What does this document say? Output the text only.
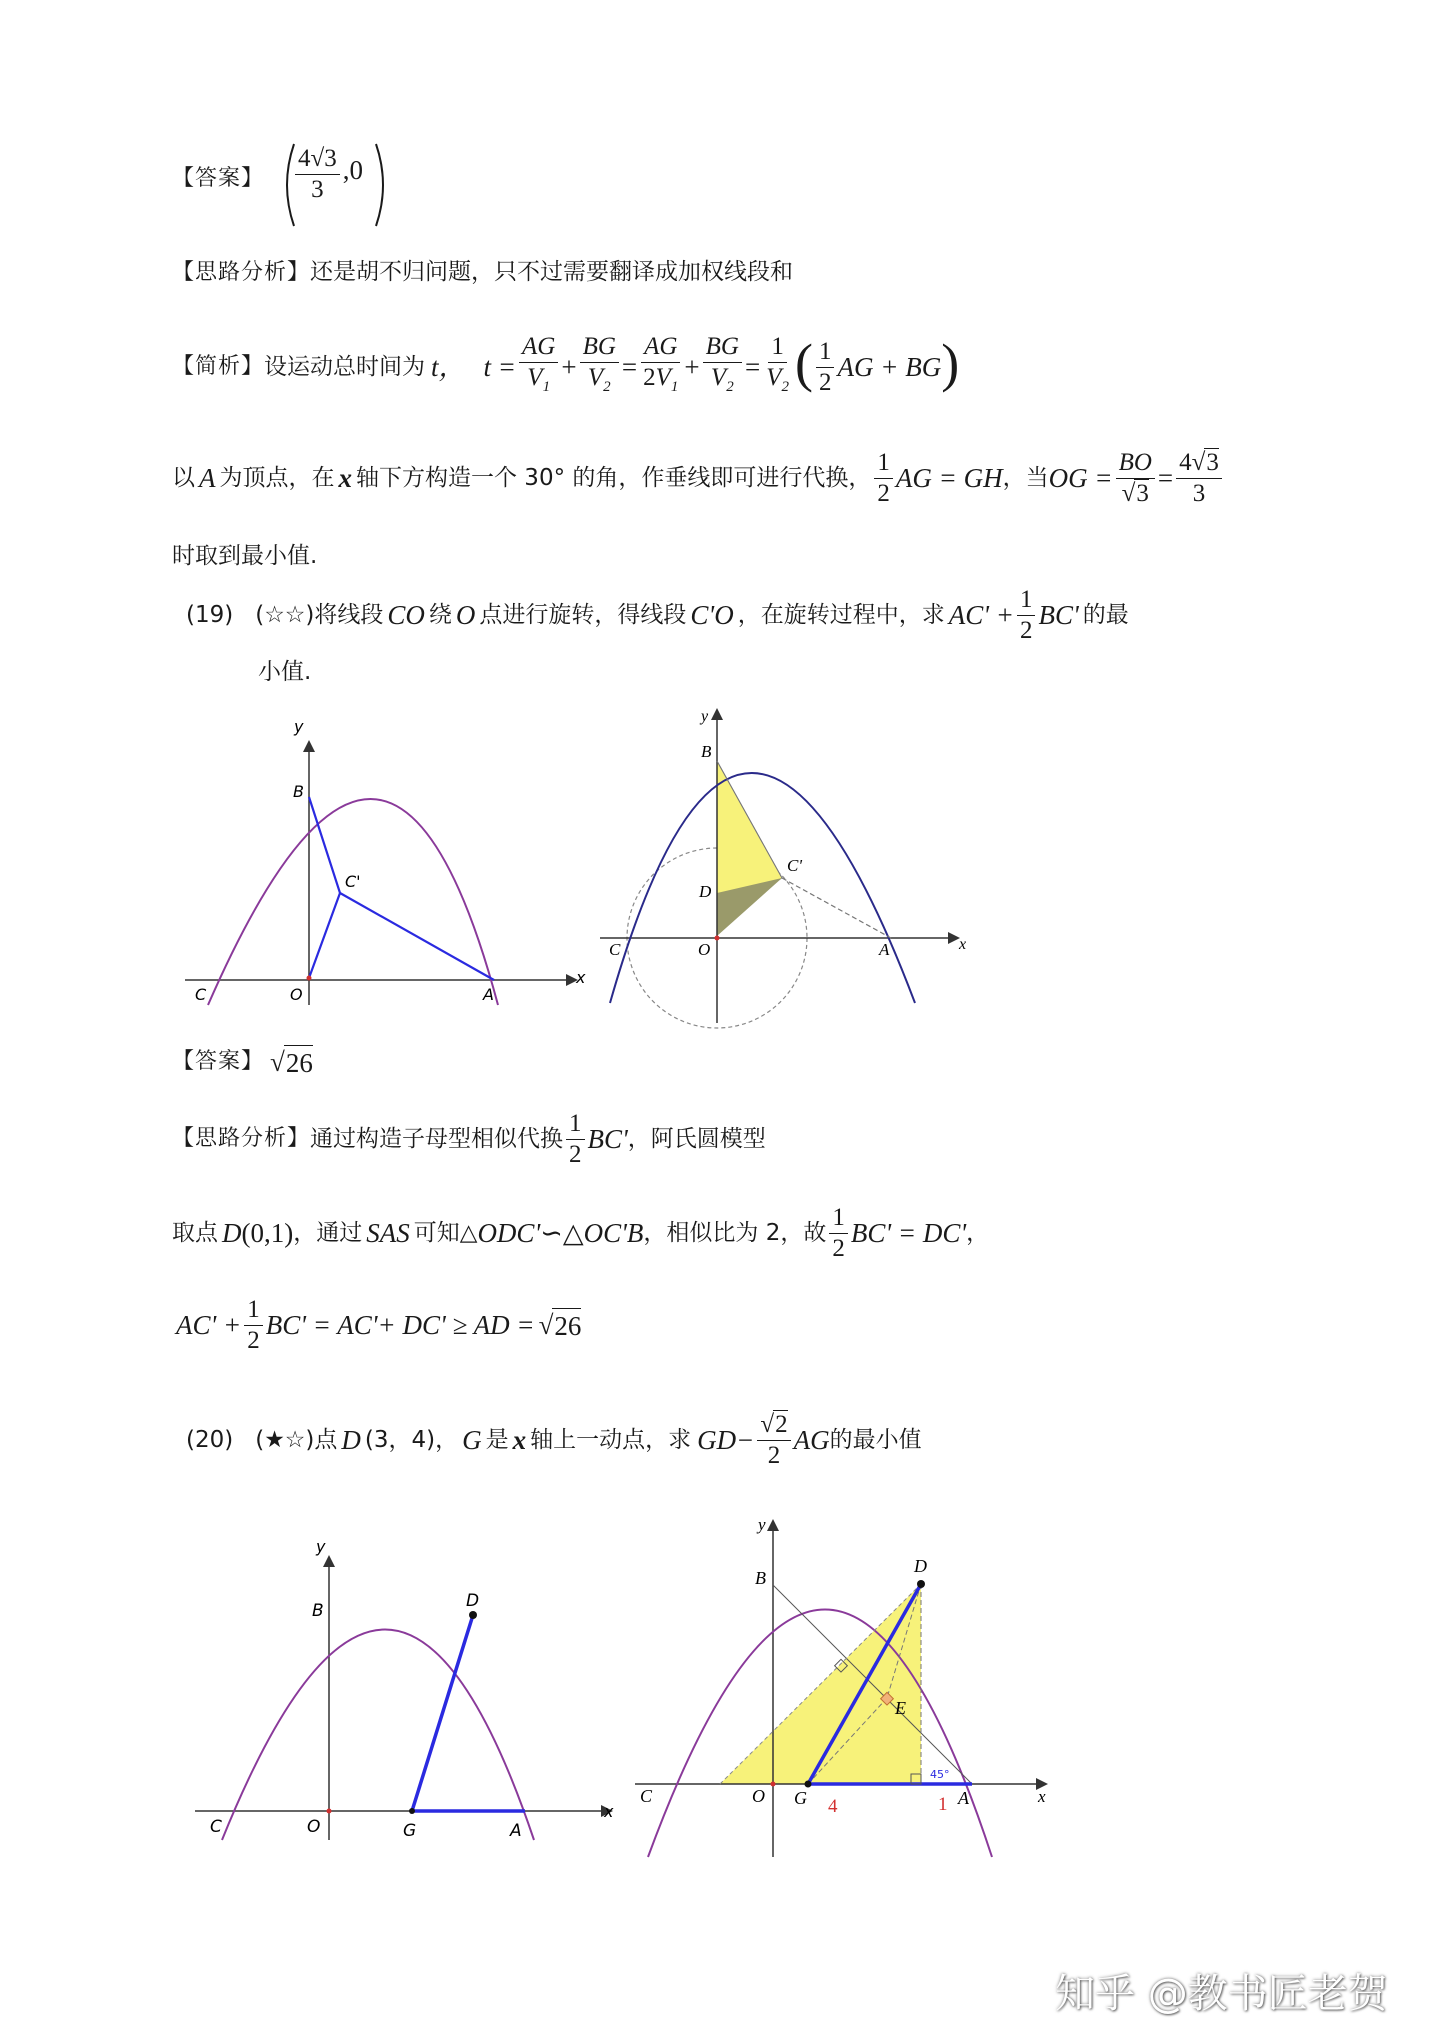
【答案】 $\frac{4√3}{3} ,0$
【思路分析】还是胡不归问题，只不过需要翻译成加权线段和
【简析】 设运动总时间为 t， $t = \frac{AG}{V_1} + \frac{BG}{V_2} = \frac{AG}{2V_1} + \frac{BG}{V_2} = \frac{1}{V_2}$ ( $\frac{1}{2}$ AG + BG )
以 A 为顶点，在 x 轴下方构造一个 30° 的角，作垂线即可进行代换， $\frac{1}{2}$ AG = GH ，当 OG = $\frac{BO}{√3} = \frac{4√3}{3}$
时取到最小值.
(19) (☆☆) 将线段 CO 绕 O 点进行旋转，得线段 C'O ，在旋转过程中，求 $AC' + \frac{1}{2} BC'$ 的最
小值.
y
x
B
C'
C	O	A
y
x
B
C'
D
C	O	A
【答案】 √ 26
【思路分析】 通过构造子母型相似代换 $\frac{1}{2} BC'$ ，阿氏圆模型
取点 D (0,1) ，通过 SAS 可知△ ODC' ∽△ OC'B ，相似比为 2，故 $\frac{1}{2} BC' = DC'$ ，
$AC' + \frac{1}{2} BC' = AC'+ DC'$ ≥ AD = √ 26
(20) (★☆) 点 D (3，4)， G 是 x 轴上一动点，求 $GD- \frac{√2}{2}$ AG 的最小值
y
x
B	D
C	O	G	A
y
x
B
D
E
C	O G	A
4	1
45°
知乎 @教书匠老贺
